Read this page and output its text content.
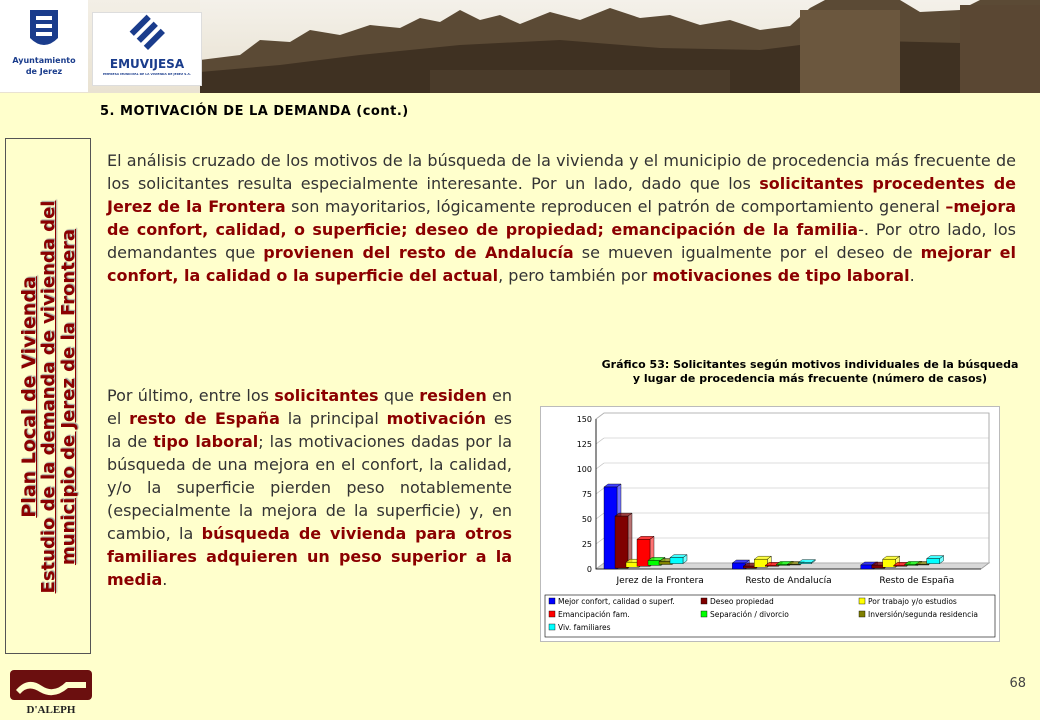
Ayuntamiento
de Jerez
EMUVIJESA
EMPRESA MUNICIPAL DE LA VIVIENDA DE JEREZ S.A.
5. MOTIVACIÓN DE LA DEMANDA (cont.)
Plan Local de Vivienda
Estudio de la demanda de vivienda del municipio de Jerez de la Frontera
El análisis cruzado de los motivos de la búsqueda de la vivienda y el municipio de procedencia más frecuente de los solicitantes resulta especialmente interesante. Por un lado, dado que los solicitantes procedentes de Jerez de la Frontera son mayoritarios, lógicamente reproducen el patrón de comportamiento general –mejora de confort, calidad, o superficie; deseo de propiedad; emancipación de la familia-. Por otro lado, los demandantes que provienen del resto de Andalucía se mueven igualmente por el deseo de mejorar el confort, la calidad o la superficie del actual, pero también por motivaciones de tipo laboral.
Por último, entre los solicitantes que residen en el resto de España la principal motivación es la de tipo laboral; las motivaciones dadas por la búsqueda de una mejora en el confort, la calidad, y/o la superficie pierden peso notablemente (especialmente la mejora de la superficie) y, en cambio, la búsqueda de vivienda para otros familiares adquieren un peso superior a la media.
Gráfico 53: Solicitantes según motivos individuales de la búsqueda y lugar de procedencia más frecuente (número de casos)
0
25
50
75
100
125
150
Jerez de la Frontera	Resto de Andalucía	Resto de España
Mejor confort, calidad o superf.	Deseo propiedad	Por trabajo y/o estudios
Emancipación fam.	Separación / divorcio	Inversión/segunda residencia
Viv. familiares
D'ALEPH
68
